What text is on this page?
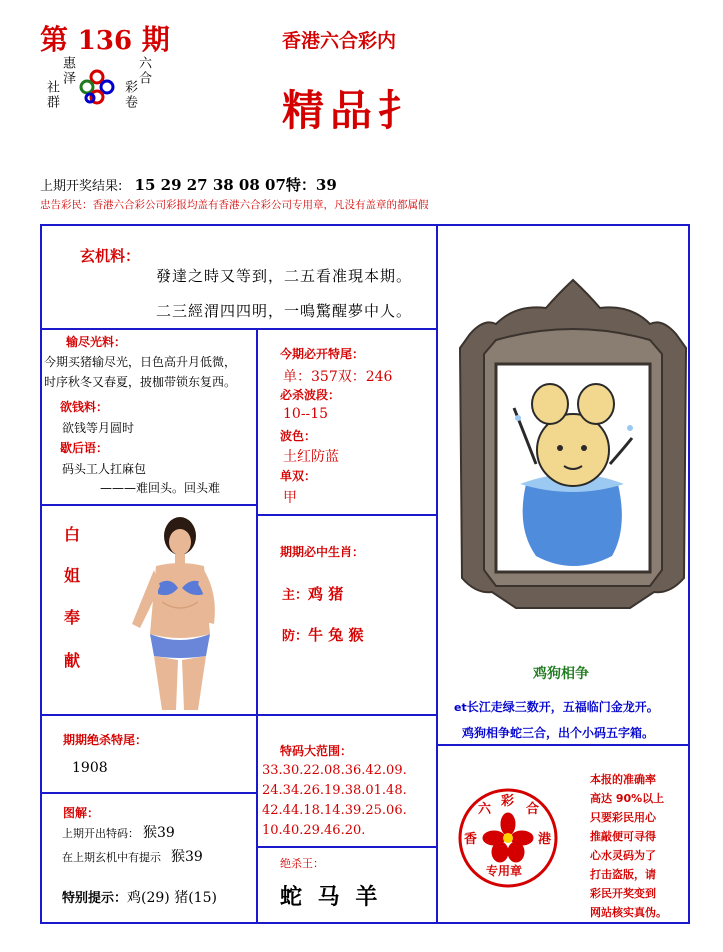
第 136 期
惠泽
社群
六合
彩卷
香港六合彩内
精品扌
上期开奖结果: 15 29 27 38 08 07特：39
忠告彩民：香港六合彩公司彩报均盖有香港六合彩公司专用章，凡没有盖章的都属假
玄机料：
發達之時又等到，二五看准現本期。
二三經渭四四明，一鳴驚醒夢中人。
输尽光料：
今期买猪输尽光，日色高升月低微，
时序秋冬又春夏，披枷带锁东复西。
欲钱料：
欲钱等月圆时
歇后语：
码头工人扛麻包
———难回头。回头难
白
姐
奉
献
今期必开特尾：
单：357双：246
必杀波段：
10--15
波色：
土红防蓝
单双：
甲
期期必中生肖：
主：鸡 猪
防：牛 兔 猴
鸡狗相争
et长江走绿三数开，五福临门金龙开。
鸡狗相争蛇三合，出个小码五字箱。
期期绝杀特尾：
1908
图解：
上期开出特码： 猴39
在上期玄机中有提示 猴39
特别提示：鸡(29) 猪(15)
特码大范围：
33.30.22.08.36.42.09.
24.34.26.19.38.01.48.
42.44.18.14.39.25.06.
10.40.29.46.20.
绝杀王：
蛇 马 羊
六
彩
合
香	港
专用章
本报的准确率
高达 90%以上
只要彩民用心
推敲便可寻得
心水灵码为了
打击盗版，请
彩民开奖变到
网站核实真伪。
